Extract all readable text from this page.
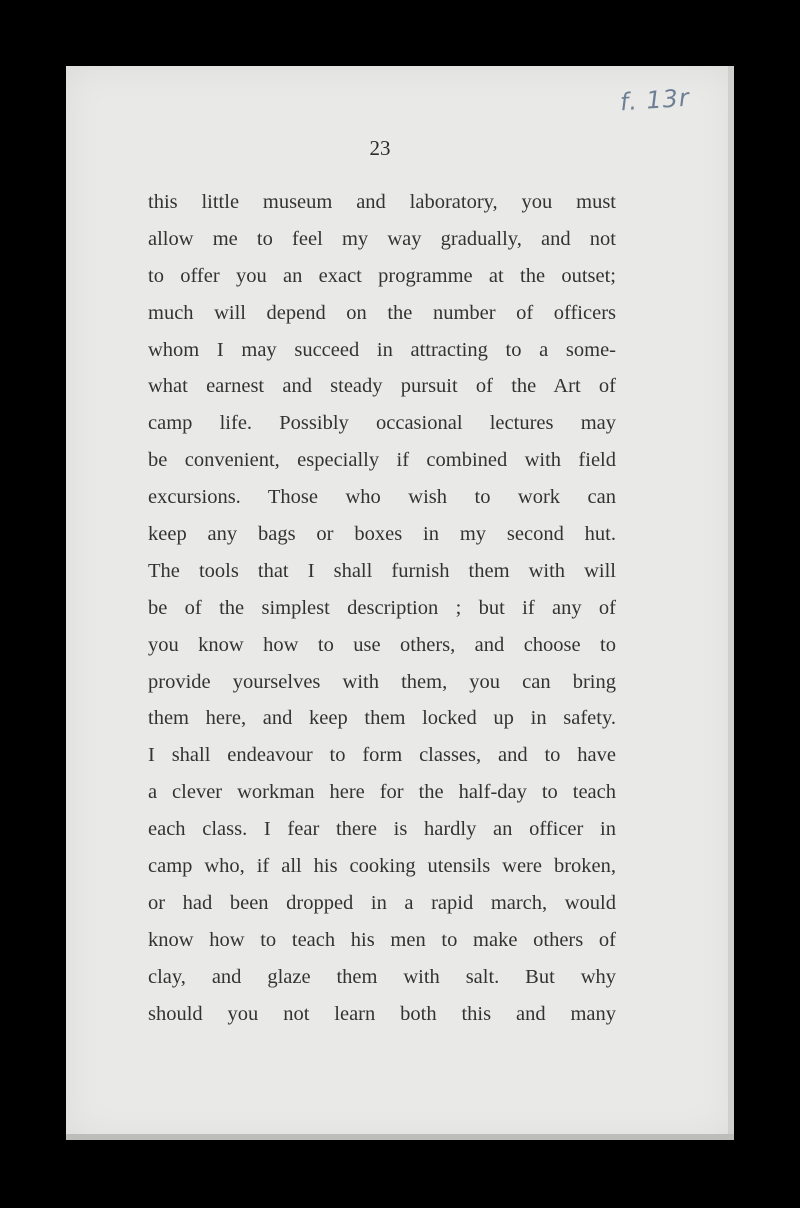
f. 13r
23
this little museum and laboratory, you must
allow me to feel my way gradually, and not
to offer you an exact programme at the outset;
much will depend on the number of officers
whom I may succeed in attracting to a some-
what earnest and steady pursuit of the Art of
camp life. Possibly occasional lectures may
be convenient, especially if combined with field
excursions. Those who wish to work can
keep any bags or boxes in my second hut.
The tools that I shall furnish them with will
be of the simplest description ; but if any of
you know how to use others, and choose to
provide yourselves with them, you can bring
them here, and keep them locked up in safety.
I shall endeavour to form classes, and to have
a clever workman here for the half-day to teach
each class. I fear there is hardly an officer in
camp who, if all his cooking utensils were broken,
or had been dropped in a rapid march, would
know how to teach his men to make others of
clay, and glaze them with salt. But why
should you not learn both this and many
